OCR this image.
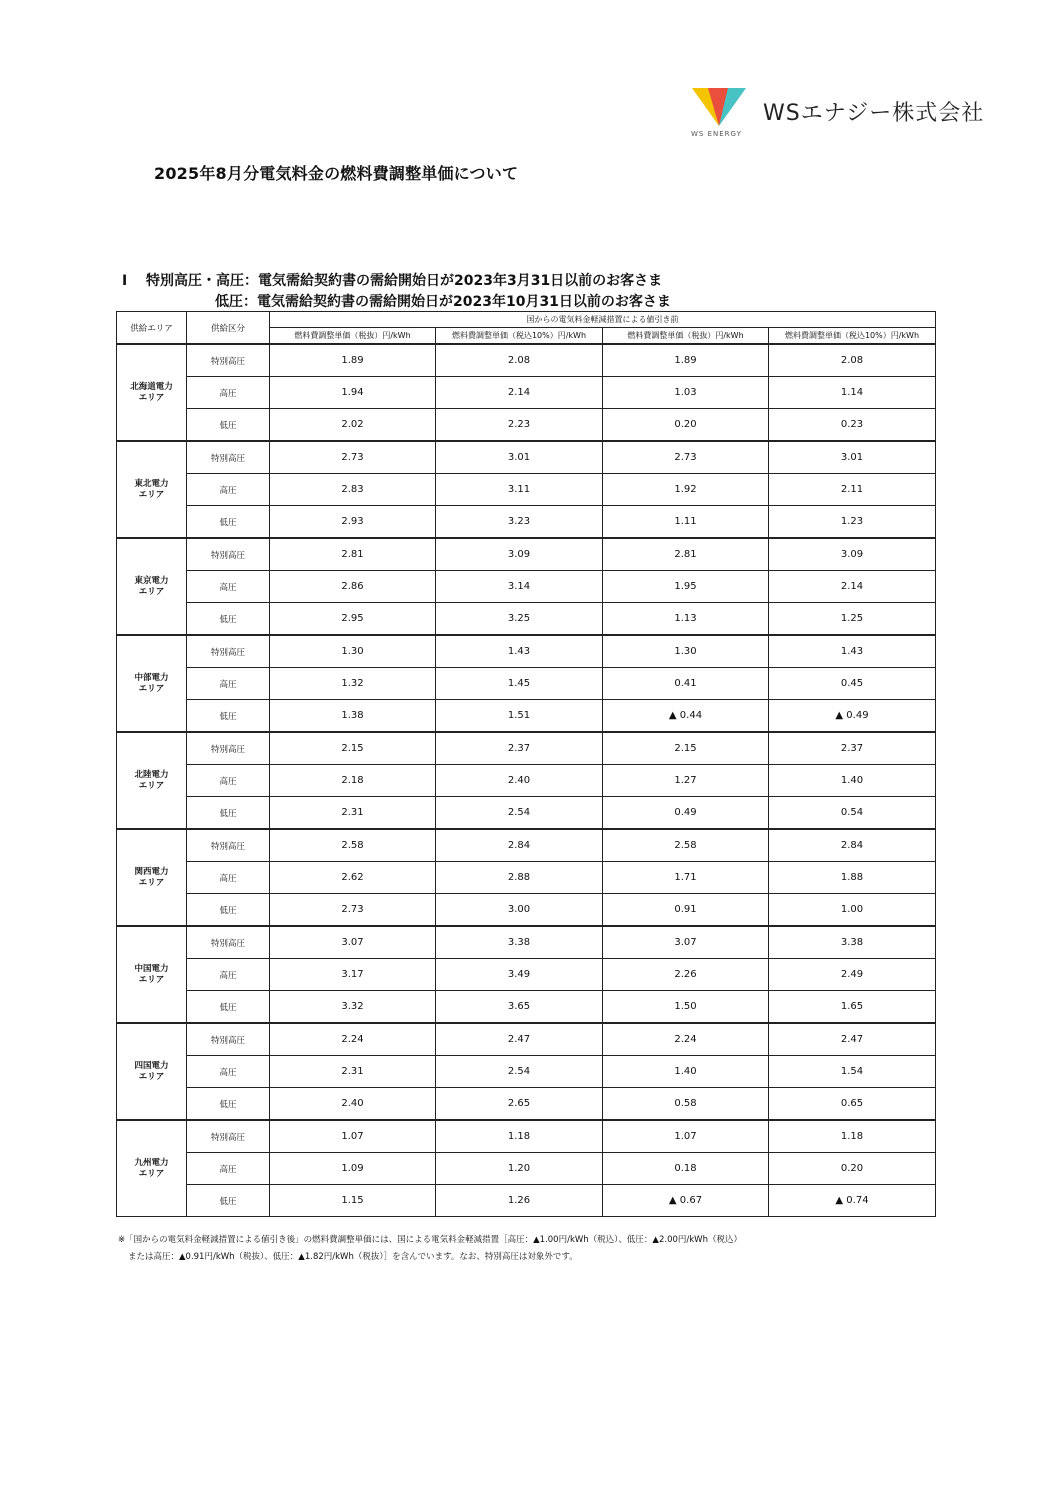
WS ENERGY
WSエナジー株式会社
2025年8月分電気料金の燃料費調整単価について
Ⅰ 特別高圧・高圧：電気需給契約書の需給開始日が2023年3月31日以前のお客さま
低圧：電気需給契約書の需給開始日が2023年10月31日以前のお客さま
供給エリア	供給区分	国からの電気料金軽減措置による値引き前			
		燃料費調整単価（税抜）円/kWh	燃料費調整単価（税込10%）円/kWh	燃料費調整単価（税抜）円/kWh	燃料費調整単価（税込10%）円/kWh

北海道電力
エリア	特別高圧	1.89	2.08	1.89	2.08
	高圧	1.94	2.14	1.03	1.14
	低圧	2.02	2.23	0.20	0.23

東北電力
エリア	特別高圧	2.73	3.01	2.73	3.01
	高圧	2.83	3.11	1.92	2.11
	低圧	2.93	3.23	1.11	1.23

東京電力
エリア	特別高圧	2.81	3.09	2.81	3.09
	高圧	2.86	3.14	1.95	2.14
	低圧	2.95	3.25	1.13	1.25

中部電力
エリア	特別高圧	1.30	1.43	1.30	1.43
	高圧	1.32	1.45	0.41	0.45
	低圧	1.38	1.51	▲ 0.44	▲ 0.49

北陸電力
エリア	特別高圧	2.15	2.37	2.15	2.37
	高圧	2.18	2.40	1.27	1.40
	低圧	2.31	2.54	0.49	0.54

関西電力
エリア	特別高圧	2.58	2.84	2.58	2.84
	高圧	2.62	2.88	1.71	1.88
	低圧	2.73	3.00	0.91	1.00

中国電力
エリア	特別高圧	3.07	3.38	3.07	3.38
	高圧	3.17	3.49	2.26	2.49
	低圧	3.32	3.65	1.50	1.65

四国電力
エリア	特別高圧	2.24	2.47	2.24	2.47
	高圧	2.31	2.54	1.40	1.54
	低圧	2.40	2.65	0.58	0.65

九州電力
エリア	特別高圧	1.07	1.18	1.07	1.18
	高圧	1.09	1.20	0.18	0.20
	低圧	1.15	1.26	▲ 0.67	▲ 0.74
※「国からの電気料金軽減措置による値引き後」の燃料費調整単価には、国による電気料金軽減措置［高圧：▲1.00円/kWh（税込）、低圧：▲2.00円/kWh（税込）
または高圧：▲0.91円/kWh（税抜）、低圧：▲1.82円/kWh（税抜）］を含んでいます。なお、特別高圧は対象外です。
